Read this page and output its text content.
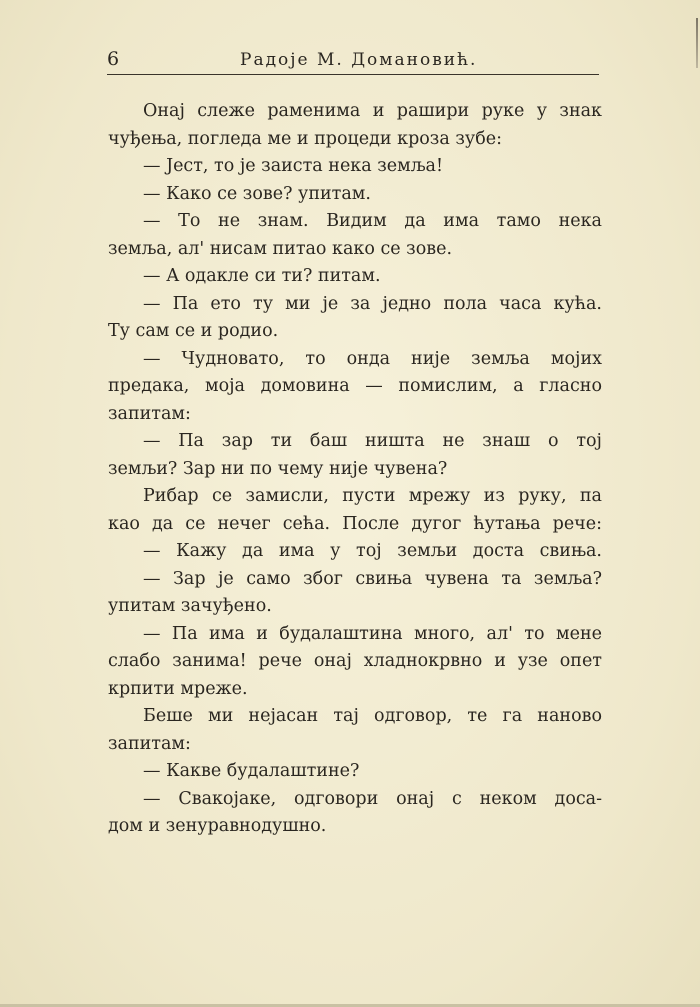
6	Радоје М. Домановић.
Онај слеже раменима и рашири руке у знак
чуђења, погледа ме и процеди кроза зубе:
— Јест, то је заиста нека земља!
— Како се зове? упитам.
— То не знам. Видим да има тамо нека
земља, ал' нисам питао како се зове.
— А одакле си ти? питам.
— Па ето ту ми је за једно пола часа кућа.
Ту сам се и родио.
— Чудновато, то онда није земља мојих
предака, моја домовина — помислим, а гласно
запитам:
— Па зар ти баш ништа не знаш о тој
земљи? Зар ни по чему није чувена?
Рибар се замисли, пусти мрежу из руку, па
као да се нечег сећа. После дугог ћутања рече:
— Кажу да има у тој земљи доста свиња.
— Зар је само због свиња чувена та земља?
упитам зачуђено.
— Па има и будалаштина много, ал' то мене
слабо занима! рече онај хладнокрвно и узе опет
крпити мреже.
Беше ми нејасан тај одговор, те га наново
запитам:
— Какве будалаштине?
— Свакојаке, одговори онај с неком доса-
дом и зенуравнодушно.
